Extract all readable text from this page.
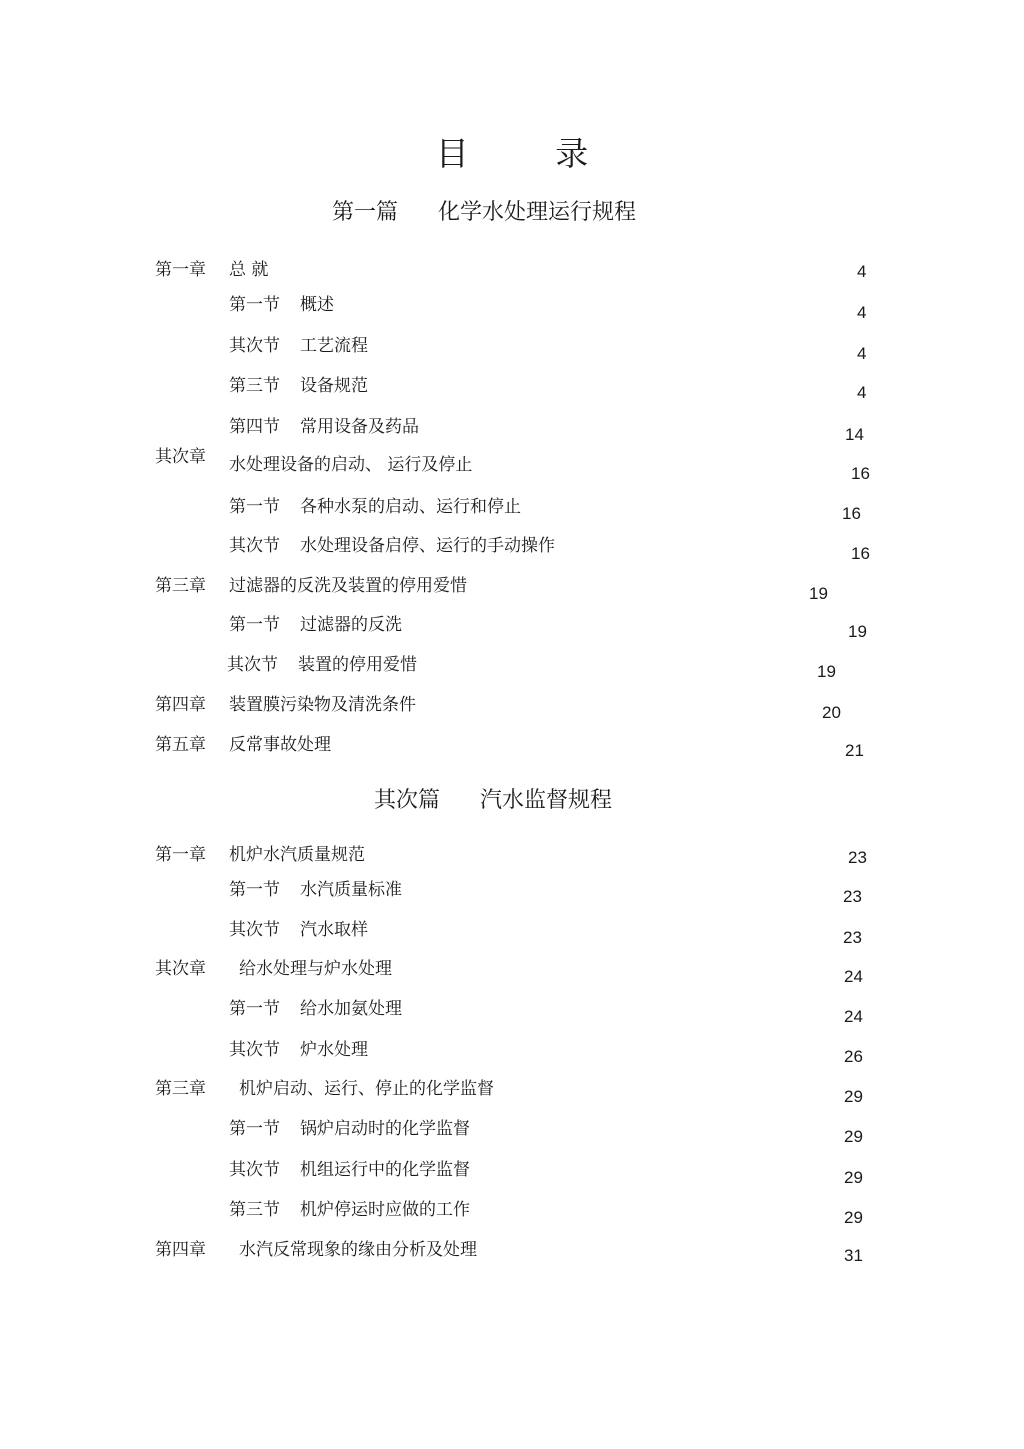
目 录
第一篇 化学水处理运行规程
第一章 总 就	4
第一节 概述	4
其次节 工艺流程	4
第三节 设备规范	4
第四节 常用设备及药品	14
其次章 水处理设备的启动、 运行及停止	16
第一节 各种水泵的启动、运行和停止	16
其次节 水处理设备启停、运行的手动操作	16
第三章 过滤器的反洗及装置的停用爱惜	19
第一节 过滤器的反洗	19
其次节 装置的停用爱惜	19
第四章 装置膜污染物及清洗条件	20
第五章 反常事故处理	21
其次篇 汽水监督规程
第一章 机炉水汽质量规范	23
第一节 水汽质量标准	23
其次节 汽水取样	23
其次章 给水处理与炉水处理	24
第一节 给水加氨处理	24
其次节 炉水处理	26
第三章 机炉启动、运行、停止的化学监督	29
第一节 锅炉启动时的化学监督	29
其次节 机组运行中的化学监督	29
第三节 机炉停运时应做的工作	29
第四章 水汽反常现象的缘由分析及处理	31
